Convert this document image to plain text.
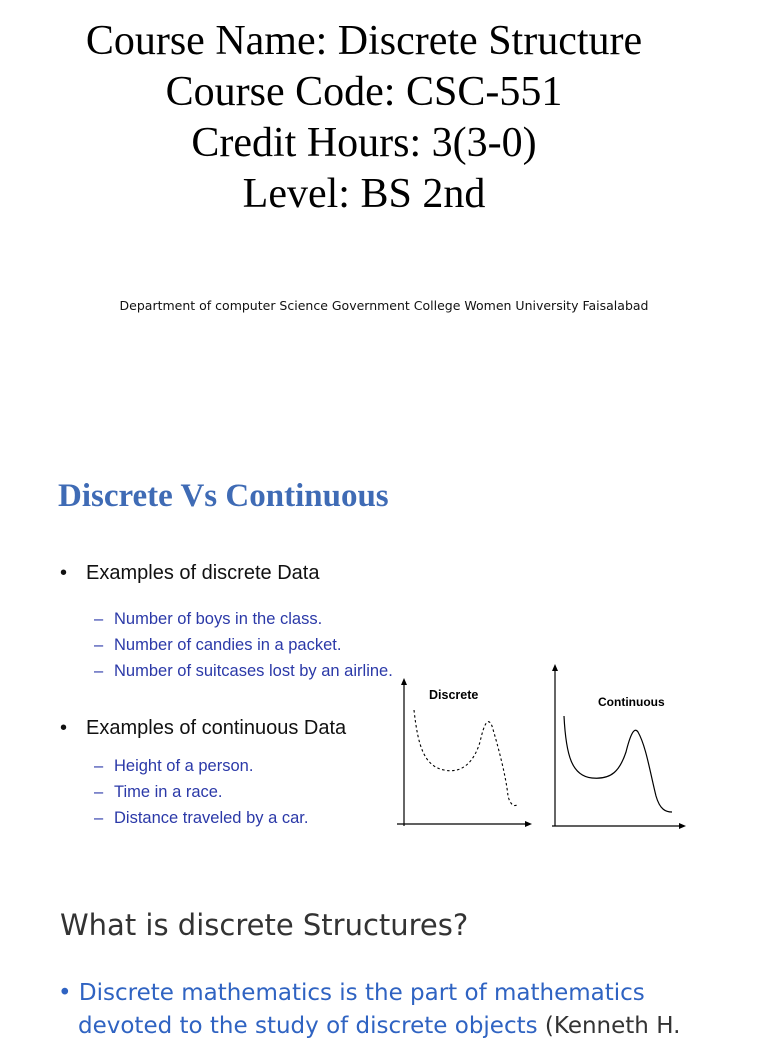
Course Name: Discrete Structure
Course Code: CSC-551
Credit Hours: 3(3-0)
Level: BS 2nd
Department of computer Science Government College Women University Faisalabad
Discrete Vs Continuous
• Examples of discrete Data
– Number of boys in the class.
– Number of candies in a packet.
– Number of suitcases lost by an airline.
• Examples of continuous Data
– Height of a person.
– Time in a race.
– Distance traveled by a car.
Discrete	Continuous
What is discrete Structures?
• Discrete mathematics is the part of mathematics
devoted to the study of discrete objects (Kenneth H.
